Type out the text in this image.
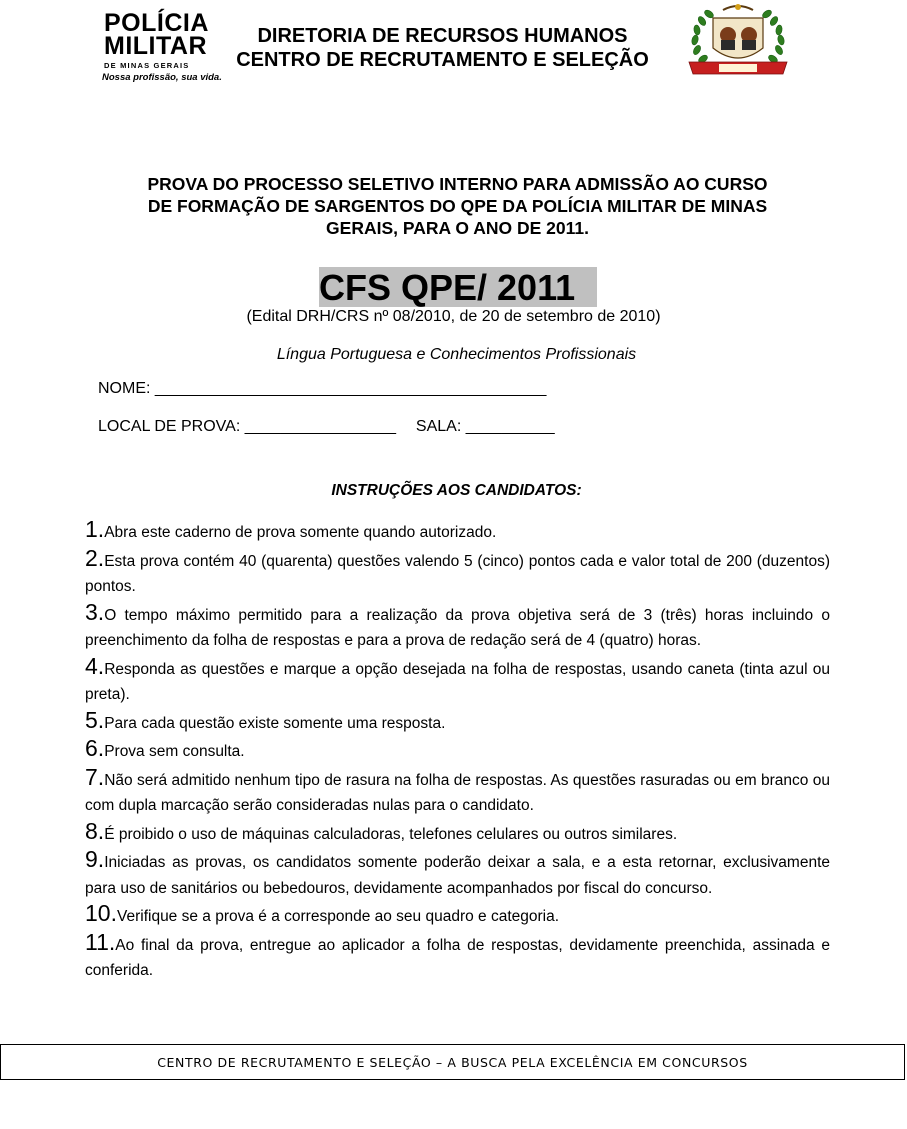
POLÍCIA
MILITAR
DE MINAS GERAIS
Nossa profissão, sua vida.
DIRETORIA DE RECURSOS HUMANOS
CENTRO DE RECRUTAMENTO E SELEÇÃO
PROVA DO PROCESSO SELETIVO INTERNO PARA ADMISSÃO AO CURSO
DE FORMAÇÃO DE SARGENTOS DO QPE DA POLÍCIA MILITAR DE MINAS
GERAIS, PARA O ANO DE 2011.
CFS QPE/ 2011
(Edital DRH/CRS nº 08/2010, de 20 de setembro de 2010)
Língua Portuguesa e Conhecimentos Profissionais
NOME: ____________________________________________
LOCAL DE PROVA: _________________ SALA: __________
INSTRUÇÕES AOS CANDIDATOS:
1.Abra este caderno de prova somente quando autorizado.
2.Esta prova contém 40 (quarenta) questões valendo 5 (cinco) pontos cada e valor total de 200 (duzentos) pontos.
3.O tempo máximo permitido para a realização da prova objetiva será de 3 (três) horas incluindo o preenchimento da folha de respostas e para a prova de redação será de 4 (quatro) horas.
4.Responda as questões e marque a opção desejada na folha de respostas, usando caneta (tinta azul ou preta).
5.Para cada questão existe somente uma resposta.
6.Prova sem consulta.
7.Não será admitido nenhum tipo de rasura na folha de respostas. As questões rasuradas ou em branco ou com dupla marcação serão consideradas nulas para o candidato.
8.É proibido o uso de máquinas calculadoras, telefones celulares ou outros similares.
9.Iniciadas as provas, os candidatos somente poderão deixar a sala, e a esta retornar, exclusivamente para uso de sanitários ou bebedouros, devidamente acompanhados por fiscal do concurso.
10.Verifique se a prova é a corresponde ao seu quadro e categoria.
11.Ao final da prova, entregue ao aplicador a folha de respostas, devidamente preenchida, assinada e conferida.
CENTRO DE RECRUTAMENTO E SELEÇÃO – A BUSCA PELA EXCELÊNCIA EM CONCURSOS
